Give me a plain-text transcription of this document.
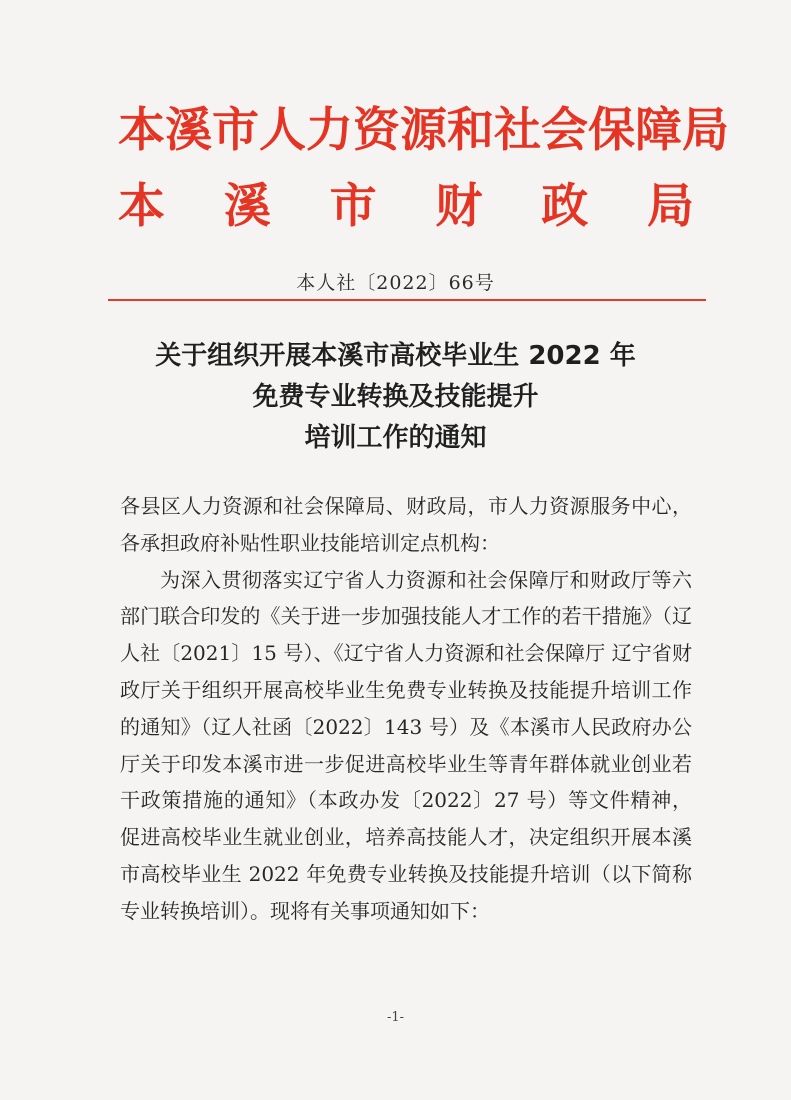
本溪市人力资源和社会保障局
本 溪 市 财 政 局
本人社〔2022〕66号
关于组织开展本溪市高校毕业生 2022 年
免费专业转换及技能提升
培训工作的通知

各县区人力资源和社会保障局、财政局，市人力资源服务中心，各承担政府补贴性职业技能培训定点机构：

为深入贯彻落实辽宁省人力资源和社会保障厅和财政厅等六部门联合印发的《关于进一步加强技能人才工作的若干措施》（辽人社〔2021〕15 号）、《辽宁省人力资源和社会保障厅 辽宁省财政厅关于组织开展高校毕业生免费专业转换及技能提升培训工作的通知》（辽人社函〔2022〕143 号）及《本溪市人民政府办公厅关于印发本溪市进一步促进高校毕业生等青年群体就业创业若干政策措施的通知》（本政办发〔2022〕27 号）等文件精神，促进高校毕业生就业创业，培养高技能人才，决定组织开展本溪市高校毕业生 2022 年免费专业转换及技能提升培训（以下简称专业转换培训）。现将有关事项通知如下：

-1-
